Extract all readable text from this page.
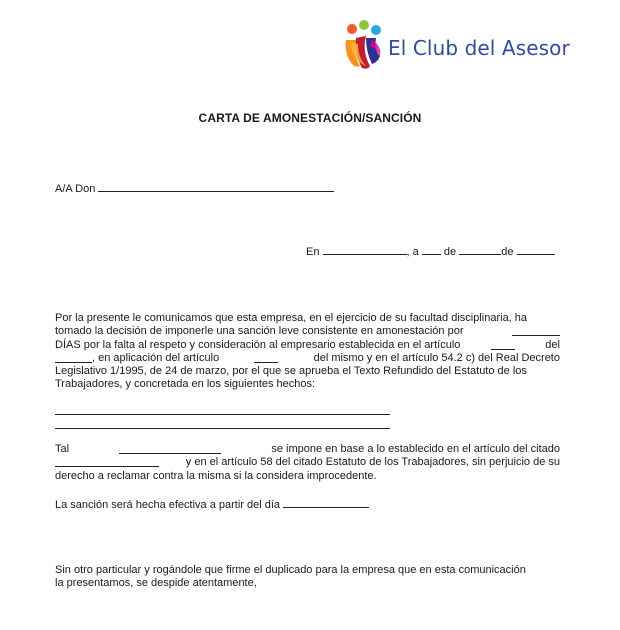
El Club del Asesor
CARTA DE AMONESTACIÓN/SANCIÓN
A/A Don
En	, a de	de
Por la presente le comunicamos que esta empresa, en el ejercicio de su facultad disciplinaria, ha
tomado la decisión de imponerle una sanción leve consistente en amonestación por
DÍAS por la falta al respeto y consideración al empresario establecida en el artículo	del
, en aplicación del artículo	del mismo y en el artículo 54.2 c) del Real Decreto
Legislativo 1/1995, de 24 de marzo, por el que se aprueba el Texto Refundido del Estatuto de los
Trabajadores, y concretada en los siguientes hechos:
Tal	se impone en base a lo establecido en el artículo del citado
y en el artículo 58 del citado Estatuto de los Trabajadores, sin perjuicio de su
derecho a reclamar contra la misma si la considera improcedente.
La sanción será hecha efectiva a partir del día
Sin otro particular y rogándole que firme el duplicado para la empresa que en esta comunicación
la presentamos, se despide atentamente,
